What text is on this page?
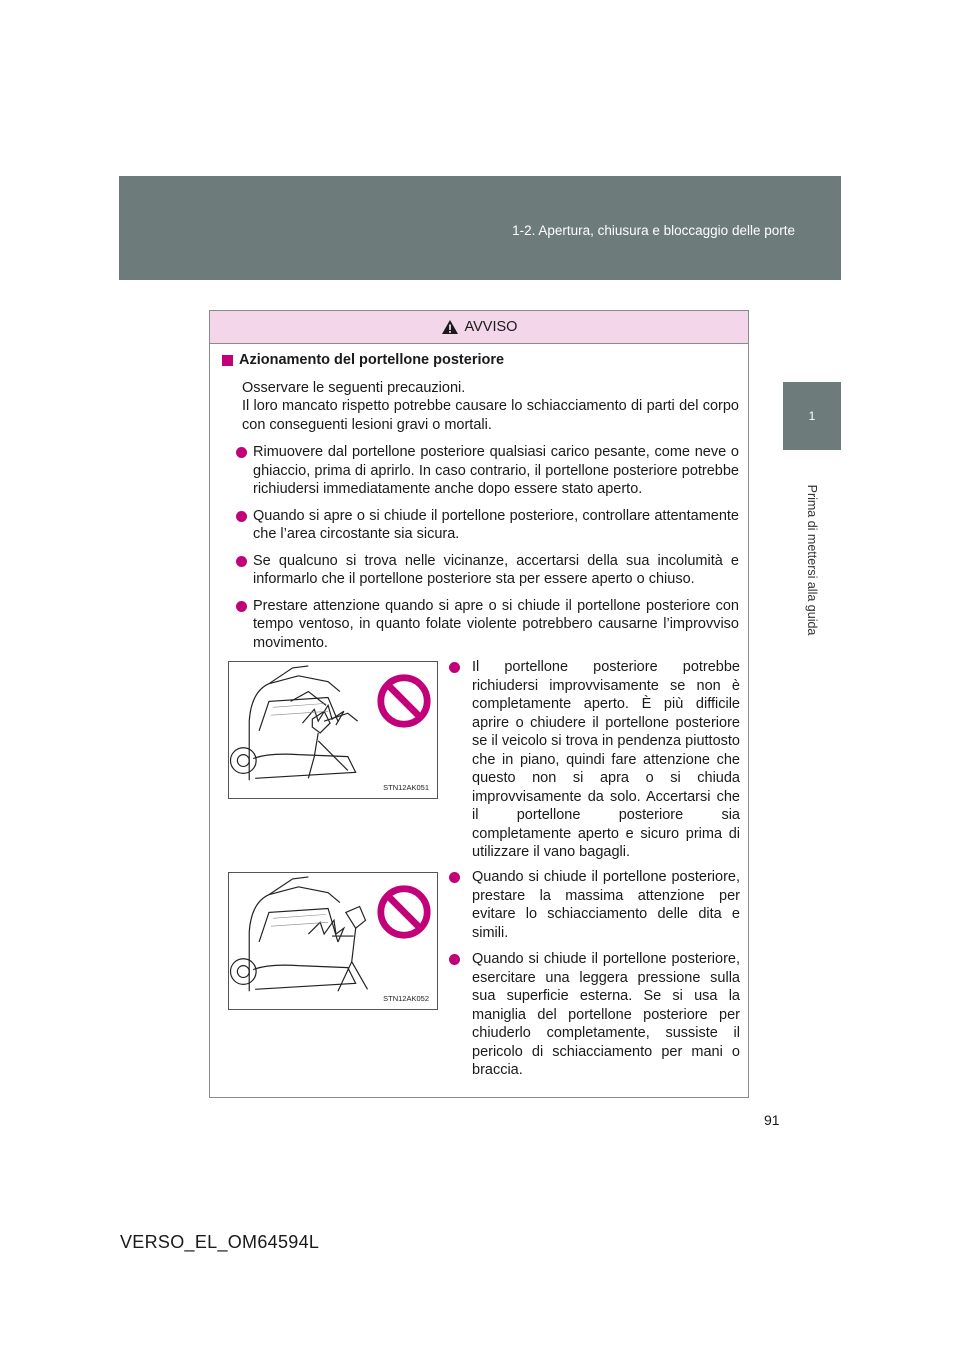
1-2. Apertura, chiusura e bloccaggio delle porte
1
Prima di mettersi alla guida
AVVISO
Azionamento del portellone posteriore
Osservare le seguenti precauzioni.
Il loro mancato rispetto potrebbe causare lo schiacciamento di parti del corpo con conseguenti lesioni gravi o mortali.
Rimuovere dal portellone posteriore qualsiasi carico pesante, come neve o ghiaccio, prima di aprirlo. In caso contrario, il portellone posteriore potrebbe richiudersi immediatamente anche dopo essere stato aperto.
Quando si apre o si chiude il portellone posteriore, controllare attentamente che l’area circostante sia sicura.
Se qualcuno si trova nelle vicinanze, accertarsi della sua incolumità e informarlo che il portellone posteriore sta per essere aperto o chiuso.
Prestare attenzione quando si apre o si chiude il portellone posteriore con tempo ventoso, in quanto folate violente potrebbero causarne l’improvviso movimento.
STN12AK051
Il portellone posteriore potrebbe richiudersi improvvisamente se non è completamente aperto. È più difficile aprire o chiudere il portellone posteriore se il veicolo si trova in pendenza piuttosto che in piano, quindi fare attenzione che questo non si apra o si chiuda improvvisamente da solo. Accertarsi che il portellone posteriore sia completamente aperto e sicuro prima di utilizzare il vano bagagli.
STN12AK052
Quando si chiude il portellone posteriore, prestare la massima attenzione per evitare lo schiacciamento delle dita e simili.
Quando si chiude il portellone posteriore, esercitare una leggera pressione sulla sua superficie esterna. Se si usa la maniglia del portellone posteriore per chiuderlo completamente, sussiste il pericolo di schiacciamento per mani o braccia.
91
VERSO_EL_OM64594L
